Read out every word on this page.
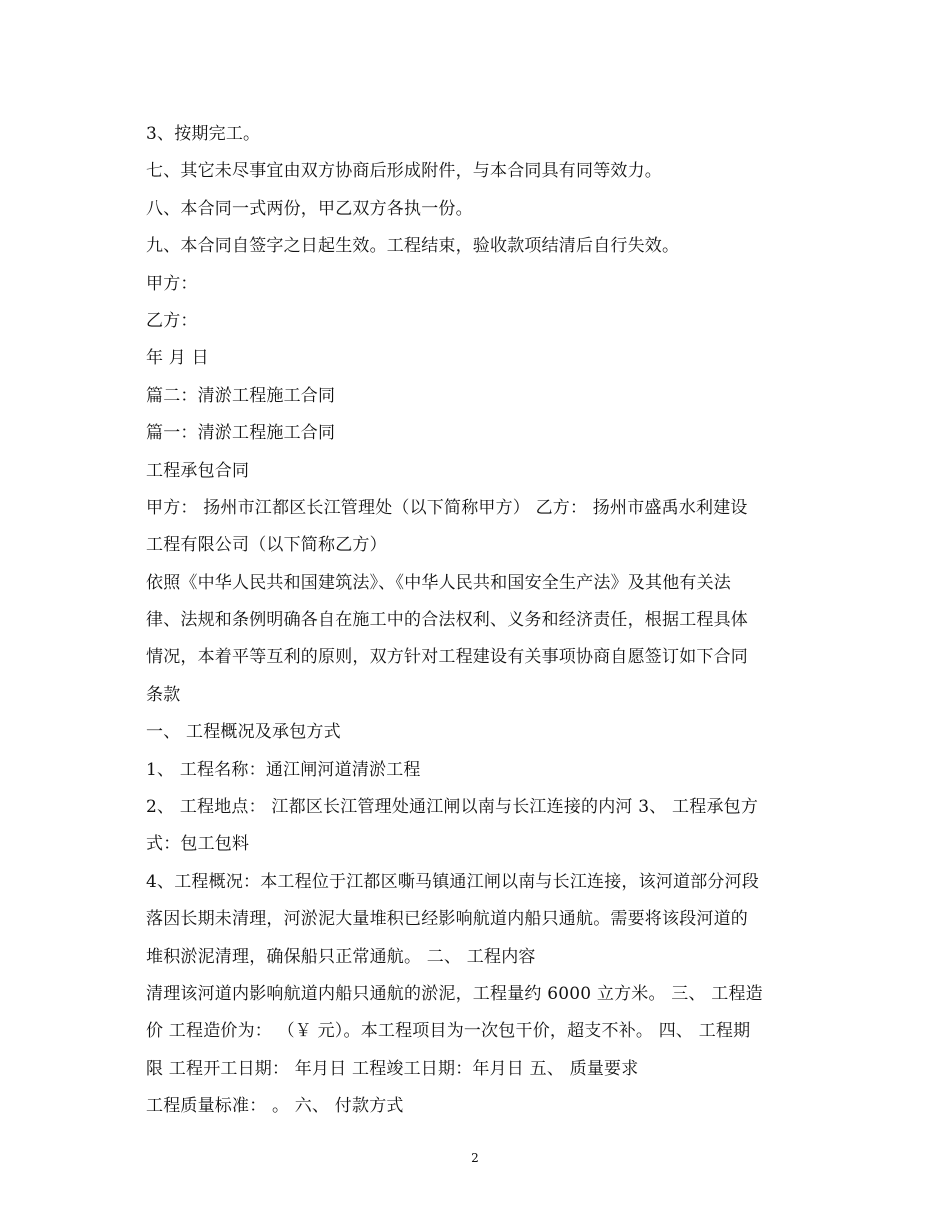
3、按期完工。
七、其它未尽事宜由双方协商后形成附件，与本合同具有同等效力。
八、本合同一式两份，甲乙双方各执一份。
九、本合同自签字之日起生效。工程结束，验收款项结清后自行失效。
甲方：
乙方：
年 月 日
篇二：清淤工程施工合同
篇一：清淤工程施工合同
工程承包合同
甲方： 扬州市江都区长江管理处（以下简称甲方） 乙方： 扬州市盛禹水利建设
工程有限公司（以下简称乙方）
依照《中华人民共和国建筑法》、《中华人民共和国安全生产法》及其他有关法
律、法规和条例明确各自在施工中的合法权利、义务和经济责任，根据工程具体
情况，本着平等互利的原则，双方针对工程建设有关事项协商自愿签订如下合同
条款
一、 工程概况及承包方式
1、 工程名称：通江闸河道清淤工程
2、 工程地点： 江都区长江管理处通江闸以南与长江连接的内河 3、 工程承包方
式：包工包料
4、工程概况：本工程位于江都区嘶马镇通江闸以南与长江连接，该河道部分河段
落因长期未清理，河淤泥大量堆积已经影响航道内船只通航。需要将该段河道的
堆积淤泥清理，确保船只正常通航。 二、 工程内容
清理该河道内影响航道内船只通航的淤泥，工程量约 6000 立方米。 三、 工程造
价 工程造价为： （￥ 元）。本工程项目为一次包干价，超支不补。 四、 工程期
限 工程开工日期： 年月日 工程竣工日期：年月日 五、 质量要求
工程质量标准： 。 六、 付款方式
2
